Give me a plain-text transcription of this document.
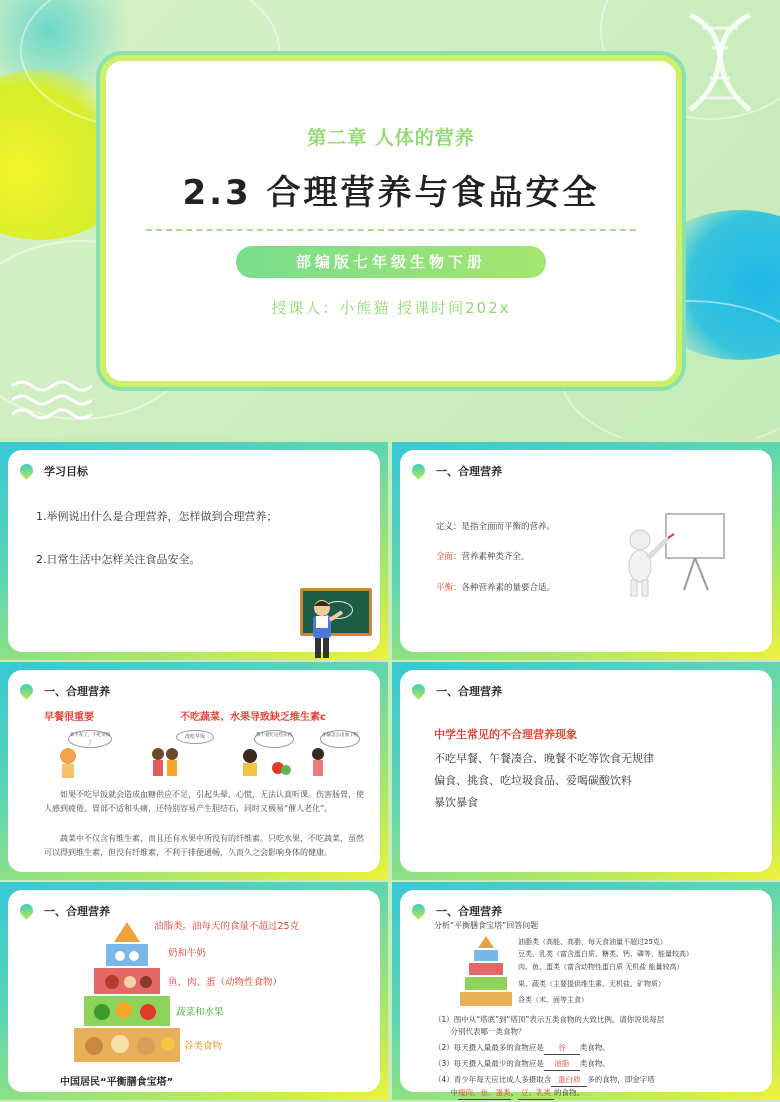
第二章 人体的营养
2.3 合理营养与食品安全
部编版七年级生物下册
授课人：小熊猫 授课时间202x
学习目标
1.举例说出什么是合理营养，怎样做到合理营养；
2.日常生活中怎样关注食品安全。
一、合理营养
定义：是指全面而平衡的营养。
全面：营养素种类齐全。
平衡：各种营养素的量要合适。
一、合理营养
早餐很重要	不吃蔬菜、水果导致缺乏维生素c
来不及了，不吃早饭了
没吃早饭	我不爱吃这些东西	牙龈怎么出血了呢
如果不吃早饭就会造成血糖供应不足，引起头晕、心慌，无法认真听课。伤害肠胃，使人感到疲倦、胃部不适和头痛，还特别容易产生胆结石，同时又极易“催人老化”。
蔬菜中不仅含有维生素，而且还有水果中所没有的纤维素。只吃水果，不吃蔬菜，虽然可以得到维生素，但没有纤维素，不利于排便通畅，久而久之会影响身体的健康。
一、合理营养
中学生常见的不合理营养现象
不吃早餐、午餐凑合、晚餐不吃等饮食无规律
偏食、挑食、吃垃圾食品、爱喝碳酸饮料
暴饮暴食
一、合理营养
油脂类。油每天的食量不超过25克
奶和牛奶
鱼、肉、蛋（动物性食物）
蔬菜和水果
谷类食物
中国居民“平衡膳食宝塔”
一、合理营养
分析“平衡膳食宝塔”回答问题
油脂类（高能、高脂，每天食油量不超过25克）
豆类、乳类（富含蛋白质、糖类、钙、磷等，能量较高）
肉、鱼、蛋类（富含动物性蛋白质 无机盐 能量较高）
果、蔬类（主要提供维生素、无机盐、矿物质）
谷类（米、面等主食）
（1）图中从“塔底”到“塔顶”表示五类食物的大致比例。请你说说每层
分别代表哪一类食物？
（2）每天摄入量最多的食物应是 谷 类食物。
（3）每天摄入量最少的食物应是 油脂 类食物。
（4）青少年每天应比成人多摄取含 蛋白质 多的食物，即金字塔
中瘦肉、鱼、蛋类、 豆、乳类 的食物。
